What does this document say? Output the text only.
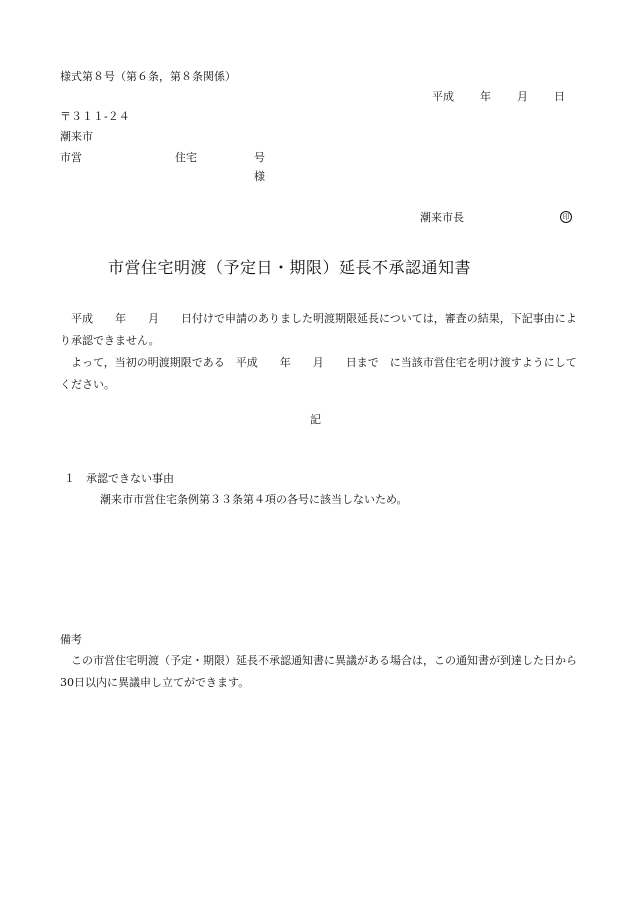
様式第８号（第６条，第８条関係）
平成 年 月 日
〒３１１-２４
潮来市
市営	住宅	号
様
潮来市長	印
市営住宅明渡（予定日・期限）延長不承認通知書
平成　　年　　月　　日付けで申請のありました明渡期限延長については，審査の結果，下記事由により承認できません。
よって，当初の明渡期限である　平成　　年　　月　　日まで　に当該市営住宅を明け渡すようにしてください。
記
１ 承認できない事由
潮来市市営住宅条例第３３条第４項の各号に該当しないため。
備考
この市営住宅明渡（予定・期限）延長不承認通知書に異議がある場合は，この通知書が到達した日から30日以内に異議申し立てができます。
